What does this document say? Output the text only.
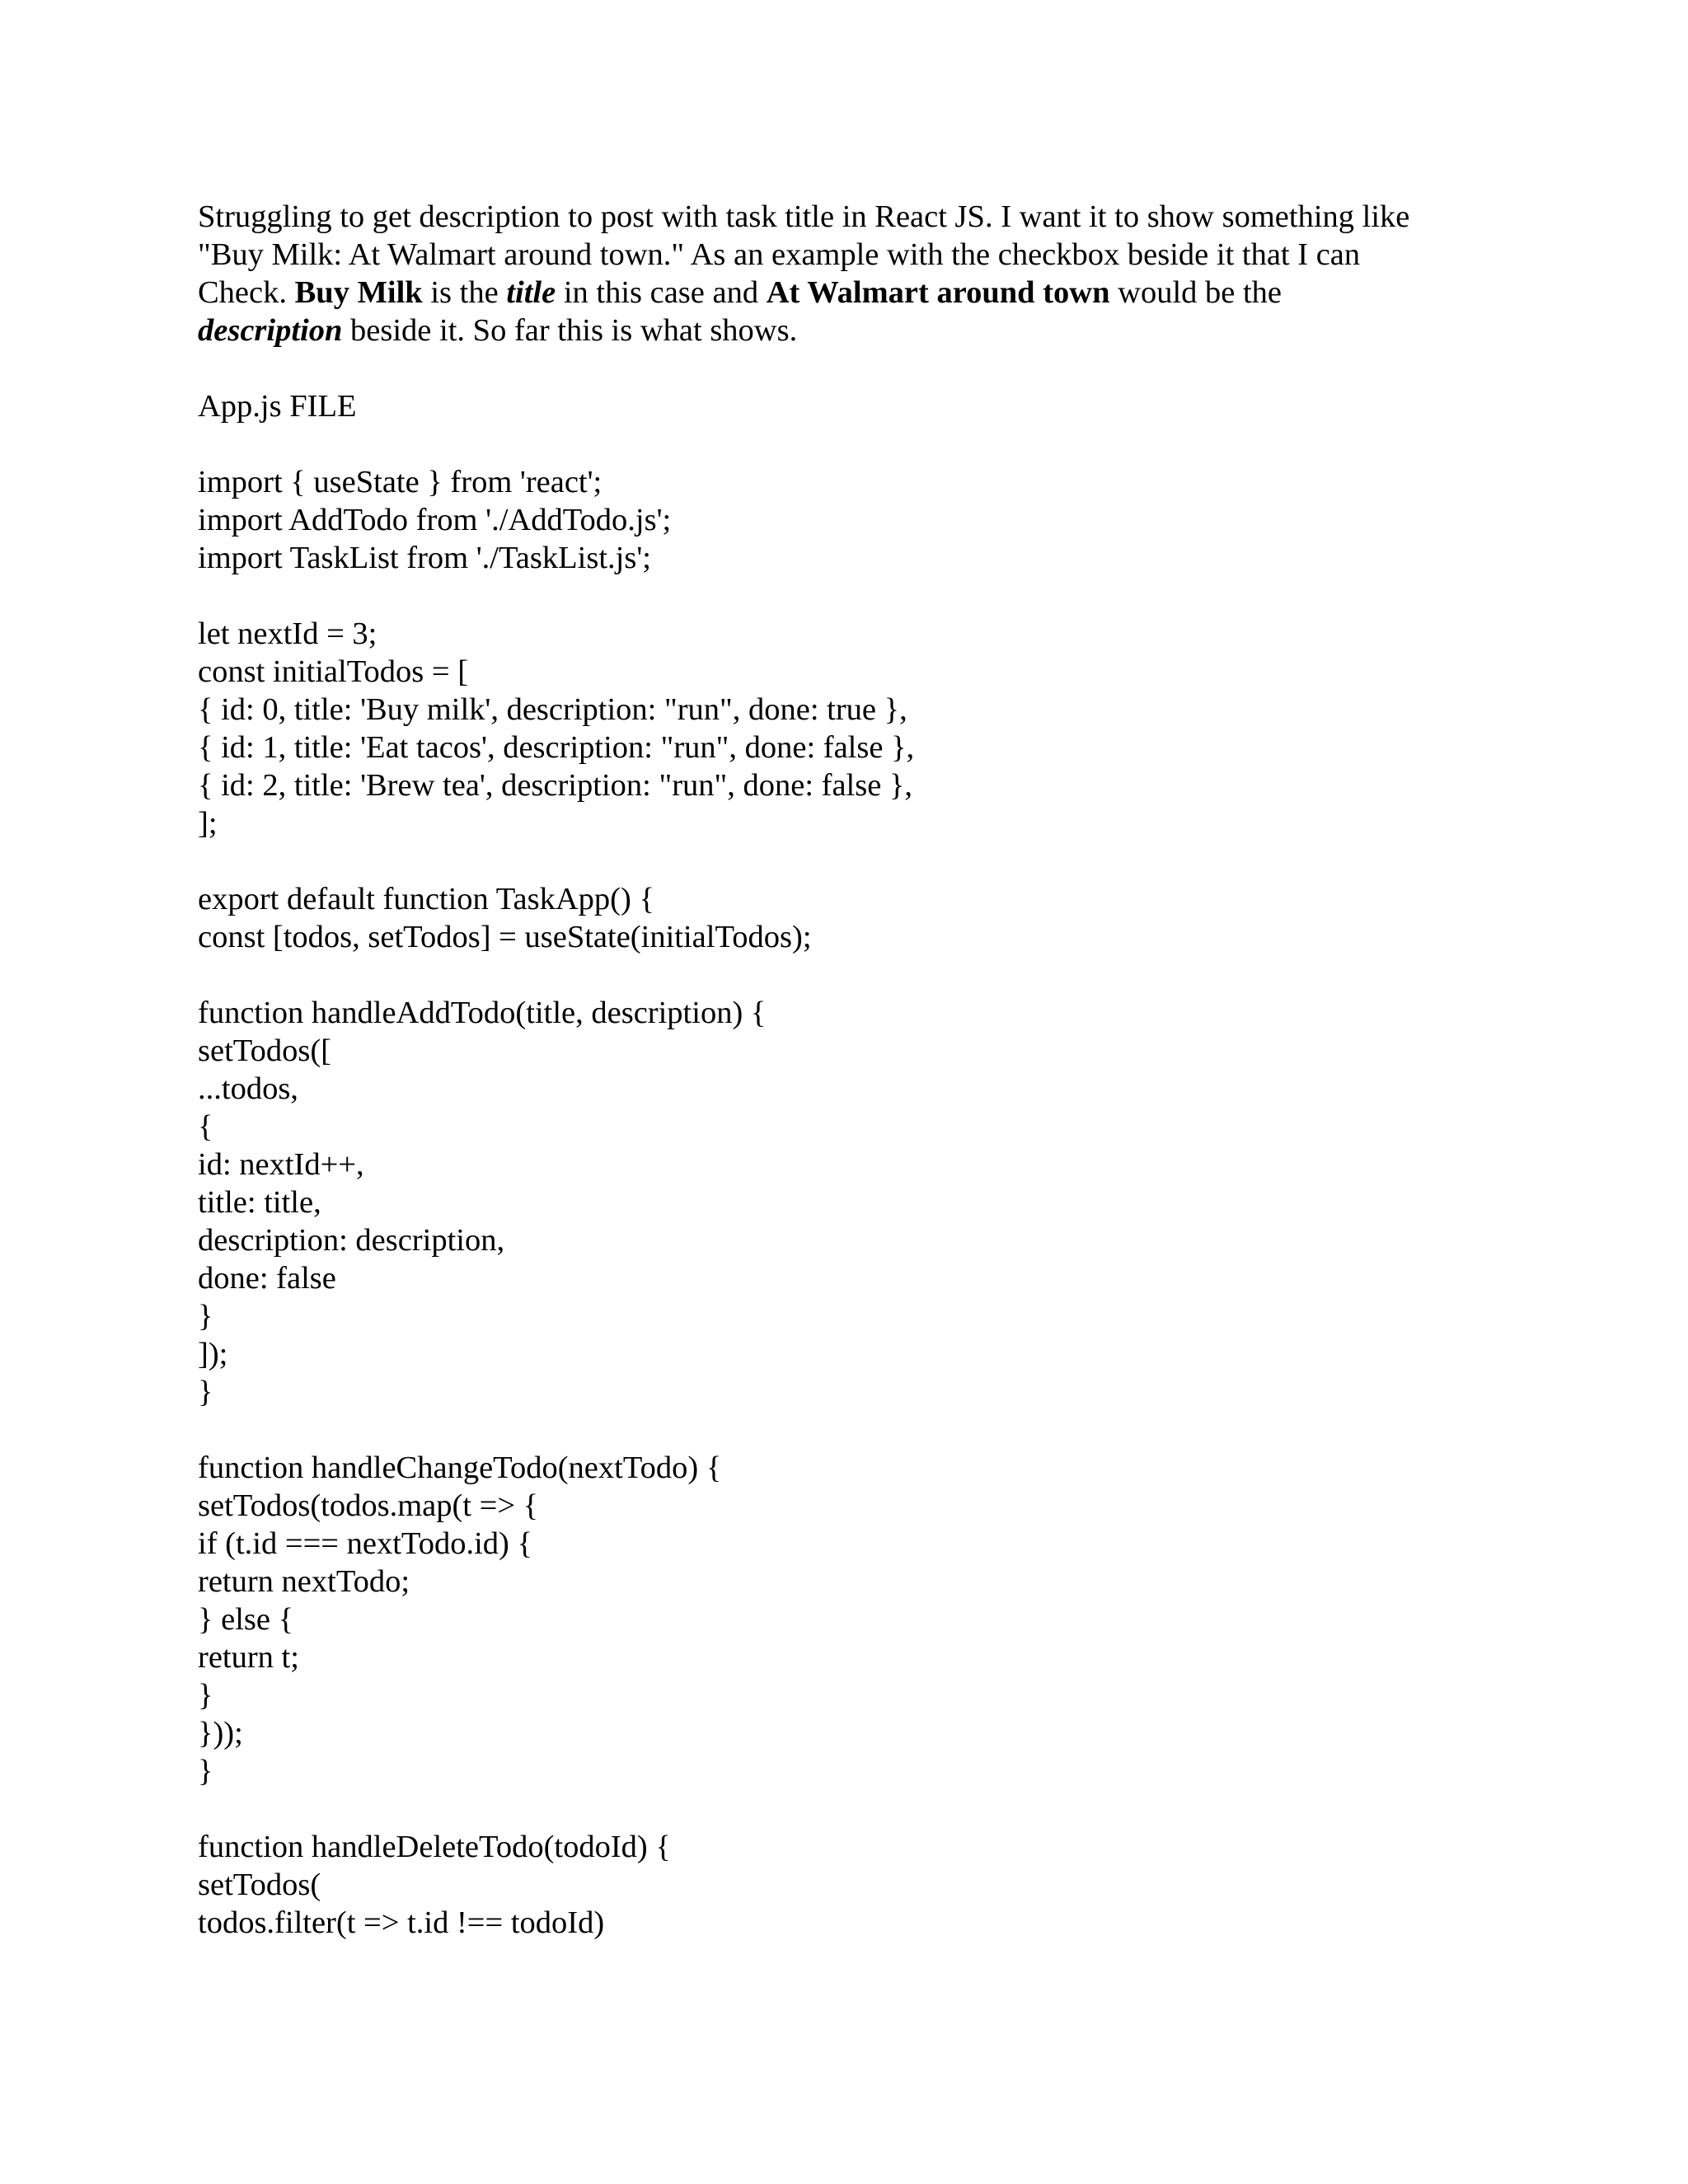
Struggling to get description to post with task title in React JS. I want it to show something like
"Buy Milk: At Walmart around town." As an example with the checkbox beside it that I can
Check. Buy Milk is the title in this case and At Walmart around town would be the
description beside it. So far this is what shows.
App.js FILE
import { useState } from 'react';
import AddTodo from './AddTodo.js';
import TaskList from './TaskList.js';
let nextId = 3;
const initialTodos = [
{ id: 0, title: 'Buy milk', description: "run", done: true },
{ id: 1, title: 'Eat tacos', description: "run", done: false },
{ id: 2, title: 'Brew tea', description: "run", done: false },
];
export default function TaskApp() {
const [todos, setTodos] = useState(initialTodos);
function handleAddTodo(title, description) {
setTodos([
...todos,
{
id: nextId++,
title: title,
description: description,
done: false
}
]);
}
function handleChangeTodo(nextTodo) {
setTodos(todos.map(t => {
if (t.id === nextTodo.id) {
return nextTodo;
} else {
return t;
}
}));
}
function handleDeleteTodo(todoId) {
setTodos(
todos.filter(t => t.id !== todoId)
